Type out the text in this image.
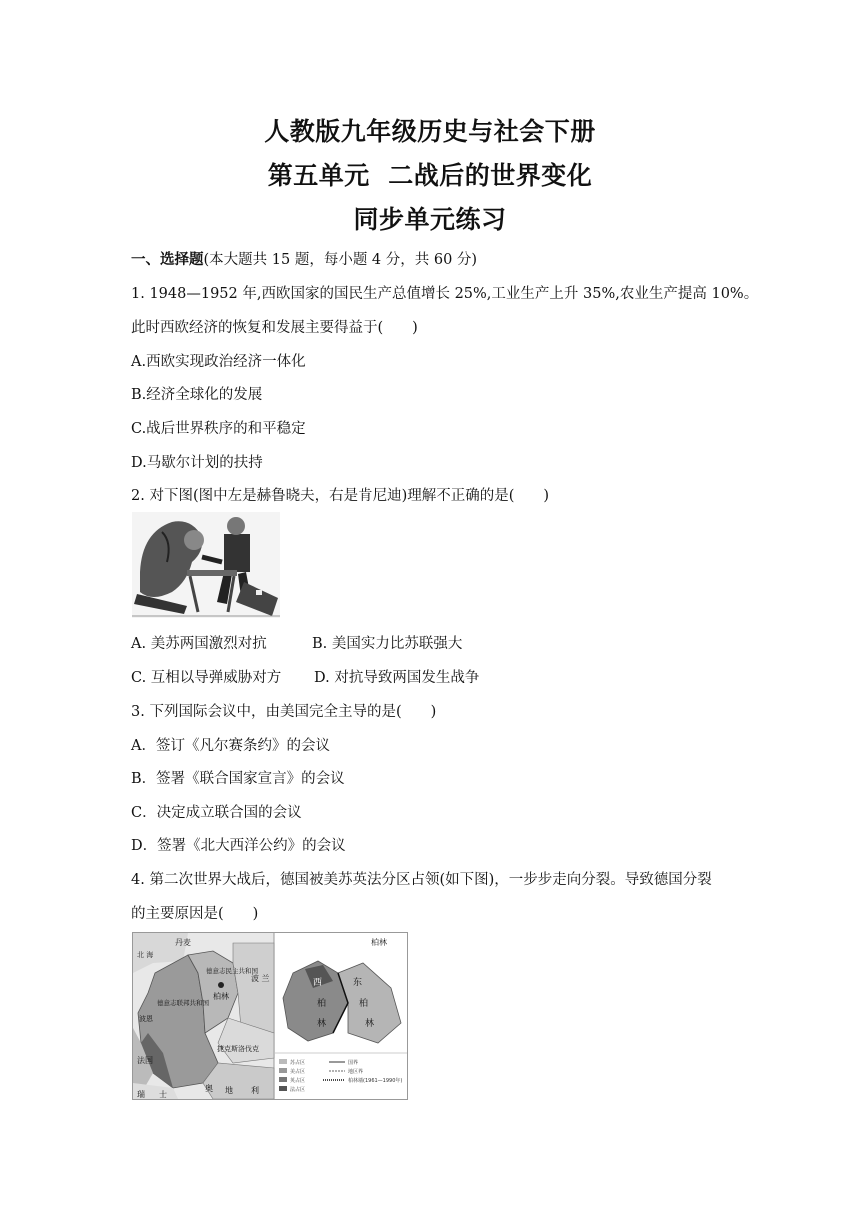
人教版九年级历史与社会下册
第五单元  二战后的世界变化
同步单元练习
一、选择题(本大题共 15 题，每小题 4 分，共 60 分)
1. 1948—1952 年,西欧国家的国民生产总值增长 25%,工业生产上升 35%,农业生产提高 10%。
此时西欧经济的恢复和发展主要得益于(　　)
A.西欧实现政治经济一体化
B.经济全球化的发展
C.战后世界秩序的和平稳定
D.马歇尔计划的扶持
2. 对下图(图中左是赫鲁晓夫，右是肯尼迪)理解不正确的是(　　)
A. 美苏两国激烈对抗	B. 美国实力比苏联强大
C. 互相以导弹威胁对方 D. 对抗导致两国发生战争
3. 下列国际会议中，由美国完全主导的是(　　)
A．签订《凡尔赛条约》的会议
B．签署《联合国家宣言》的会议
C．决定成立联合国的会议
D．签署《北大西洋公约》的会议
4. 第二次世界大战后，德国被美苏英法分区占领(如下图)，一步步走向分裂。导致德国分裂
的主要原因是(　　)
丹麦
北 海
德意志民主共和国
柏林
波 兰
德意志联邦共和国
波恩
捷克斯洛伐克
法国
奥 地 利
瑞 士
柏林
西
柏
林
东
柏
林
苏占区
美占区
英占区
法占区
国界
地区界
柏林墙(1961—1990年)
